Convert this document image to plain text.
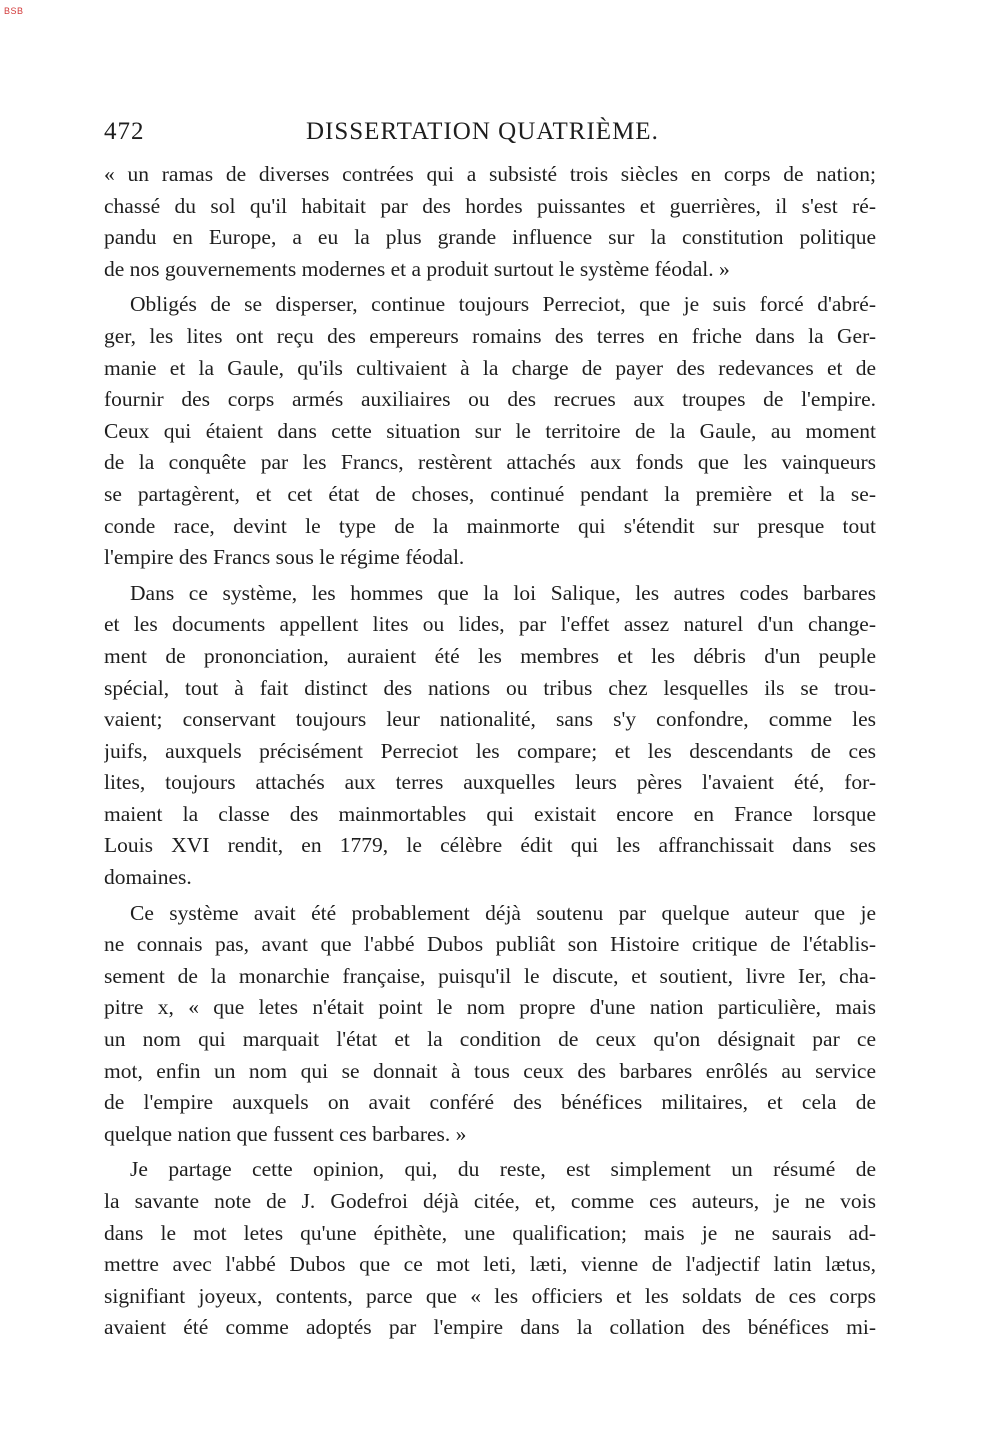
BSB
472	DISSERTATION QUATRIÈME.
« un ramas de diverses contrées qui a subsisté trois siècles en corps de nation;
chassé du sol qu'il habitait par des hordes puissantes et guerrières, il s'est ré-
pandu en Europe, a eu la plus grande influence sur la constitution politique
de nos gouvernements modernes et a produit surtout le système féodal. »
Obligés de se disperser, continue toujours Perreciot, que je suis forcé d'abré-
ger, les lites ont reçu des empereurs romains des terres en friche dans la Ger-
manie et la Gaule, qu'ils cultivaient à la charge de payer des redevances et de
fournir des corps armés auxiliaires ou des recrues aux troupes de l'empire.
Ceux qui étaient dans cette situation sur le territoire de la Gaule, au moment
de la conquête par les Francs, restèrent attachés aux fonds que les vainqueurs
se partagèrent, et cet état de choses, continué pendant la première et la se-
conde race, devint le type de la mainmorte qui s'étendit sur presque tout
l'empire des Francs sous le régime féodal.
Dans ce système, les hommes que la loi Salique, les autres codes barbares
et les documents appellent lites ou lides, par l'effet assez naturel d'un change-
ment de prononciation, auraient été les membres et les débris d'un peuple
spécial, tout à fait distinct des nations ou tribus chez lesquelles ils se trou-
vaient; conservant toujours leur nationalité, sans s'y confondre, comme les
juifs, auxquels précisément Perreciot les compare; et les descendants de ces
lites, toujours attachés aux terres auxquelles leurs pères l'avaient été, for-
maient la classe des mainmortables qui existait encore en France lorsque
Louis XVI rendit, en 1779, le célèbre édit qui les affranchissait dans ses
domaines.
Ce système avait été probablement déjà soutenu par quelque auteur que je
ne connais pas, avant que l'abbé Dubos publiât son Histoire critique de l'établis-
sement de la monarchie française, puisqu'il le discute, et soutient, livre Ier, cha-
pitre x, « que letes n'était point le nom propre d'une nation particulière, mais
un nom qui marquait l'état et la condition de ceux qu'on désignait par ce
mot, enfin un nom qui se donnait à tous ceux des barbares enrôlés au service
de l'empire auxquels on avait conféré des bénéfices militaires, et cela de
quelque nation que fussent ces barbares. »
Je partage cette opinion, qui, du reste, est simplement un résumé de
la savante note de J. Godefroi déjà citée, et, comme ces auteurs, je ne vois
dans le mot letes qu'une épithète, une qualification; mais je ne saurais ad-
mettre avec l'abbé Dubos que ce mot leti, læti, vienne de l'adjectif latin lætus,
signifiant joyeux, contents, parce que « les officiers et les soldats de ces corps
avaient été comme adoptés par l'empire dans la collation des bénéfices mi-
